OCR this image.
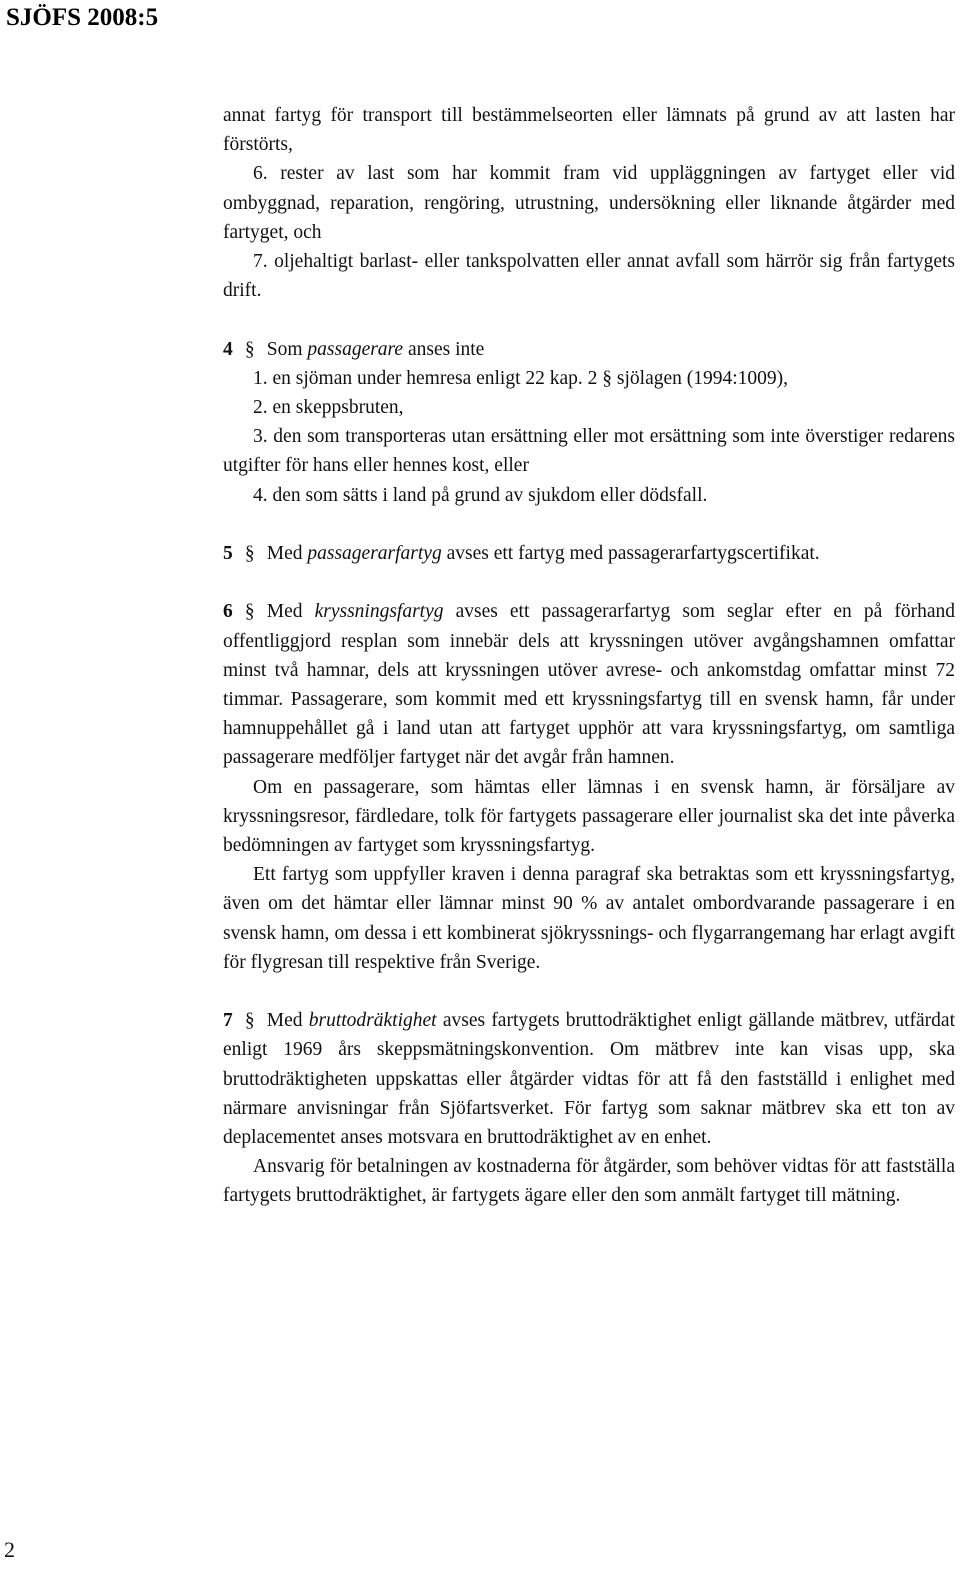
SJÖFS 2008:5

annat fartyg för transport till bestämmelseorten eller lämnats på grund av att lasten har förstörts,

6. rester av last som har kommit fram vid uppläggningen av fartyget eller vid ombyggnad, reparation, rengöring, utrustning, undersökning eller liknande åtgärder med fartyget, och

7. oljehaltigt barlast- eller tankspolvatten eller annat avfall som härrör sig från fartygets drift.

4 § Som passagerare anses inte

1. en sjöman under hemresa enligt 22 kap. 2 § sjölagen (1994:1009),

2. en skeppsbruten,

3. den som transporteras utan ersättning eller mot ersättning som inte överstiger redarens utgifter för hans eller hennes kost, eller

4. den som sätts i land på grund av sjukdom eller dödsfall.

5 § Med passagerarfartyg avses ett fartyg med passagerarfartygscertifikat.

6 § Med kryssningsfartyg avses ett passagerarfartyg som seglar efter en på förhand offentliggjord resplan som innebär dels att kryssningen utöver avgångshamnen omfattar minst två hamnar, dels att kryssningen utöver avrese- och ankomstdag omfattar minst 72 timmar. Passagerare, som kommit med ett kryssningsfartyg till en svensk hamn, får under hamnuppehållet gå i land utan att fartyget upphör att vara kryssningsfartyg, om samtliga passagerare medföljer fartyget när det avgår från hamnen.

Om en passagerare, som hämtas eller lämnas i en svensk hamn, är försäljare av kryssningsresor, färdledare, tolk för fartygets passagerare eller journalist ska det inte påverka bedömningen av fartyget som kryssningsfartyg.

Ett fartyg som uppfyller kraven i denna paragraf ska betraktas som ett kryssningsfartyg, även om det hämtar eller lämnar minst 90 % av antalet ombordvarande passagerare i en svensk hamn, om dessa i ett kombinerat sjökryssnings- och flygarrangemang har erlagt avgift för flygresan till respektive från Sverige.

7 § Med bruttodräktighet avses fartygets bruttodräktighet enligt gällande mätbrev, utfärdat enligt 1969 års skeppsmätningskonvention. Om mätbrev inte kan visas upp, ska bruttodräktigheten uppskattas eller åtgärder vidtas för att få den fastställd i enlighet med närmare anvisningar från Sjöfartsverket. För fartyg som saknar mätbrev ska ett ton av deplacementet anses motsvara en bruttodräktighet av en enhet.

Ansvarig för betalningen av kostnaderna för åtgärder, som behöver vidtas för att fastställa fartygets bruttodräktighet, är fartygets ägare eller den som anmält fartyget till mätning.

2
